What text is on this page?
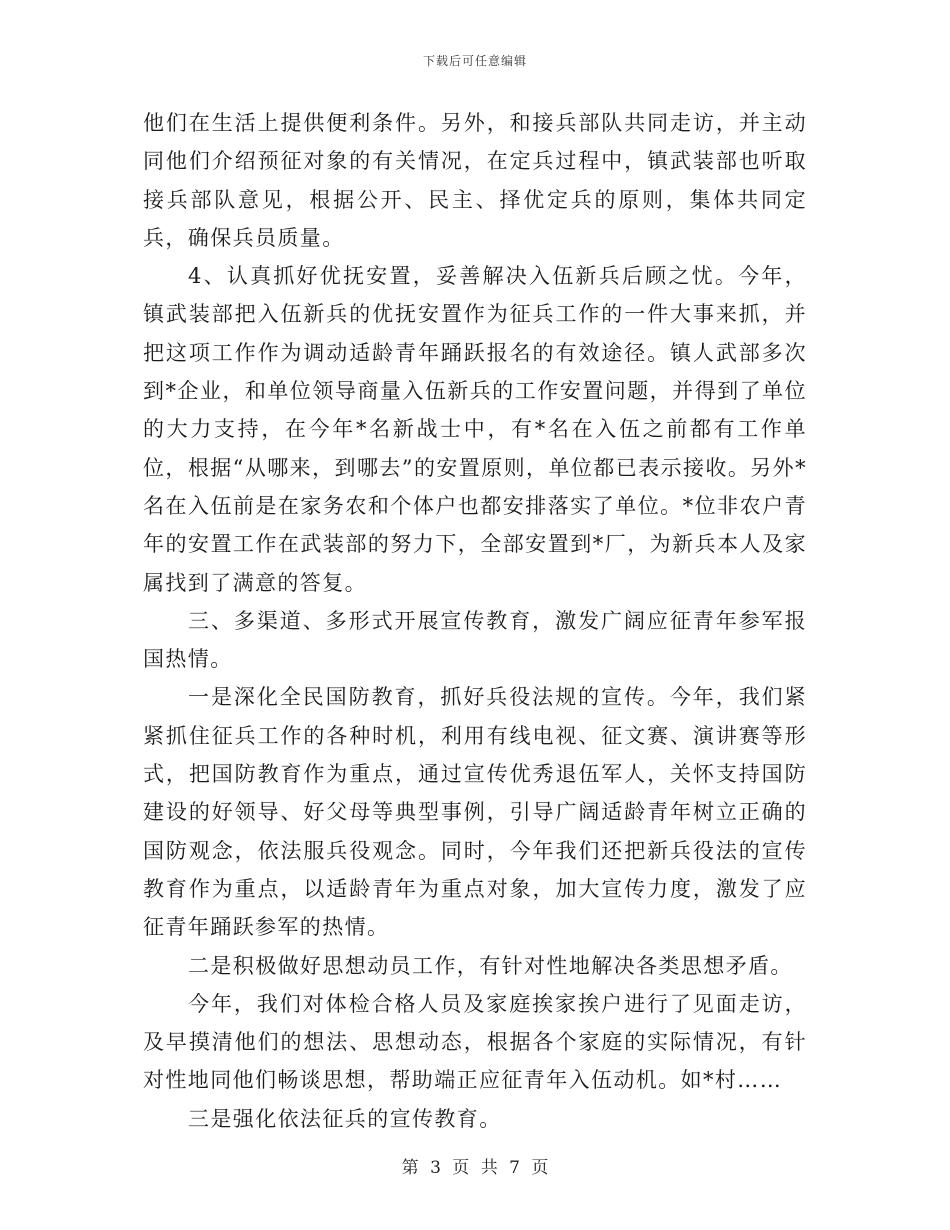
下载后可任意编辑

他们在生活上提供便利条件。另外，和接兵部队共同走访，并主动同他们介绍预征对象的有关情况，在定兵过程中，镇武装部也听取接兵部队意见，根据公开、民主、择优定兵的原则，集体共同定兵，确保兵员质量。

4、认真抓好优抚安置，妥善解决入伍新兵后顾之忧。今年，镇武装部把入伍新兵的优抚安置作为征兵工作的一件大事来抓，并把这项工作作为调动适龄青年踊跃报名的有效途径。镇人武部多次到*企业，和单位领导商量入伍新兵的工作安置问题，并得到了单位的大力支持，在今年*名新战士中，有*名在入伍之前都有工作单位，根据“从哪来，到哪去”的安置原则，单位都已表示接收。另外*名在入伍前是在家务农和个体户也都安排落实了单位。*位非农户青年的安置工作在武装部的努力下，全部安置到*厂，为新兵本人及家属找到了满意的答复。

三、多渠道、多形式开展宣传教育，激发广阔应征青年参军报国热情。

一是深化全民国防教育，抓好兵役法规的宣传。今年，我们紧紧抓住征兵工作的各种时机，利用有线电视、征文赛、演讲赛等形式，把国防教育作为重点，通过宣传优秀退伍军人，关怀支持国防建设的好领导、好父母等典型事例，引导广阔适龄青年树立正确的国防观念，依法服兵役观念。同时，今年我们还把新兵役法的宣传教育作为重点，以适龄青年为重点对象，加大宣传力度，激发了应征青年踊跃参军的热情。

二是积极做好思想动员工作，有针对性地解决各类思想矛盾。

今年，我们对体检合格人员及家庭挨家挨户进行了见面走访，及早摸清他们的想法、思想动态，根据各个家庭的实际情况，有针对性地同他们畅谈思想，帮助端正应征青年入伍动机。如*村……

三是强化依法征兵的宣传教育。

第 3 页 共 7 页
